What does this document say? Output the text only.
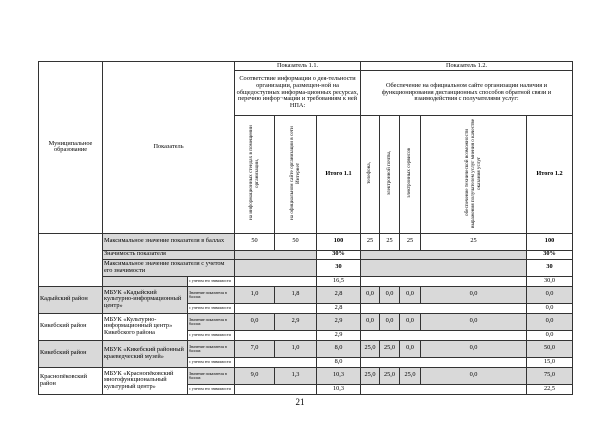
Муниципальное образование	Показатель		Показатель 1.1.			Показатель 1.2.				
			Соответствие информации о дея-тельности организации, размещен-ной на общедоступных информа-ционных ресурсах, перечню инфор¬мации и требованиям к ней НПА:			Обеспечение на официальном сайте организации наличия и функционирования дистанционных способов обратной связи и взаимодействия с получателями услуг:				
			на информационных стендах в помещении организации,	на официальном сайте организации в сети Интернет	Итого 1.1	телефона,	электронной почты,	электронных сервисов	обеспечение технической возможности выражения получателем услуг мнения о качестве оказания услуг	Итого 1.2
	Максимальное значение показателя в баллах		50	50	100	25	25	25	25	100
	Значимость показателя				30%					30%
	Максимальное значение показателя с учетом его значимости				30					30
		с учетом его значимости			16,5					30,0
Кадыйский район	МБУК «Кадыйский культурно-информационный центр»	Значение показателя в баллах	1,0	1,8	2,8	0,0	0,0	0,0	0,0	0,0
		с учетом его значимости			2,8					0,0
Кикебский район	МБУК «Культурно-информационный центр» Кикебского района	Значение показателя в баллах	0,0	2,9	2,9	0,0	0,0	0,0	0,0	0,0
		с учетом его значимости			2,9					0,0
Кикебский район	МБУК «Кикебский районный краеведческий музей»	Значение показателя в баллах	7,0	1,0	8,0	25,0	25,0	0,0	0,0	50,0
		с учетом его значимости			8,0					15,0
Краснопёковский район	МБУК «Краснопёковский многофункциональный культурный центр»	Значение показателя в баллах	9,0	1,3	10,3	25,0	25,0	25,0	0,0	75,0
		с учетом его значимости			10,3					22,5
21
